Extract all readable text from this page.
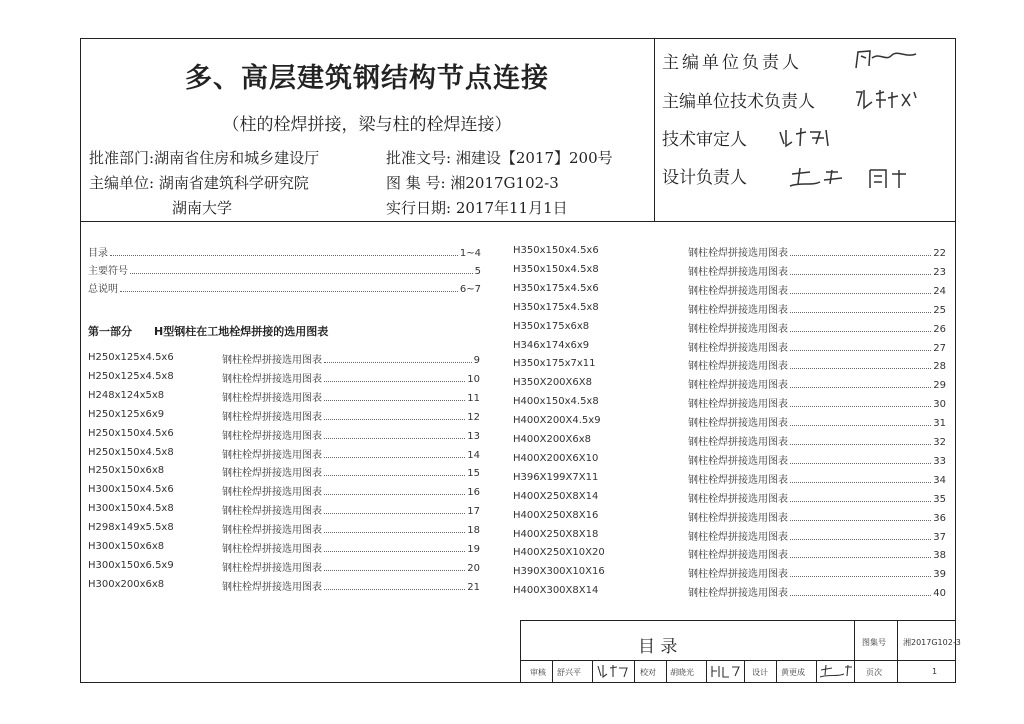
多、高层建筑钢结构节点连接
（柱的栓焊拼接，梁与柱的栓焊连接）
批准部门:湖南省住房和城乡建设厅
主编单位: 湖南省建筑科学研究院
湖南大学
批准文号: 湘建设【2017】200号
图 集 号: 湘2017G102-3
实行日期: 2017年11月1日
主编单位负责人
主编单位技术负责人
技术审定人
设计负责人
目录	1~4
主要符号	5
总说明	6~7
第一部分 H型钢柱在工地栓焊拼接的选用图表
H250x125x4.5x6	钢柱栓焊拼接选用图表	9
H250x125x4.5x8	钢柱栓焊拼接选用图表	10
H248x124x5x8	钢柱栓焊拼接选用图表	11
H250x125x6x9	钢柱栓焊拼接选用图表	12
H250x150x4.5x6	钢柱栓焊拼接选用图表	13
H250x150x4.5x8	钢柱栓焊拼接选用图表	14
H250x150x6x8	钢柱栓焊拼接选用图表	15
H300x150x4.5x6	钢柱栓焊拼接选用图表	16
H300x150x4.5x8	钢柱栓焊拼接选用图表	17
H298x149x5.5x8	钢柱栓焊拼接选用图表	18
H300x150x6x8	钢柱栓焊拼接选用图表	19
H300x150x6.5x9	钢柱栓焊拼接选用图表	20
H300x200x6x8	钢柱栓焊拼接选用图表	21
H350x150x4.5x6	钢柱栓焊拼接选用图表	22
H350x150x4.5x8	钢柱栓焊拼接选用图表	23
H350x175x4.5x6	钢柱栓焊拼接选用图表	24
H350x175x4.5x8	钢柱栓焊拼接选用图表	25
H350x175x6x8	钢柱栓焊拼接选用图表	26
H346x174x6x9	钢柱栓焊拼接选用图表	27
H350x175x7x11	钢柱栓焊拼接选用图表	28
H350X200X6X8	钢柱栓焊拼接选用图表	29
H400x150x4.5x8	钢柱栓焊拼接选用图表	30
H400X200X4.5x9	钢柱栓焊拼接选用图表	31
H400X200X6x8	钢柱栓焊拼接选用图表	32
H400X200X6X10	钢柱栓焊拼接选用图表	33
H396X199X7X11	钢柱栓焊拼接选用图表	34
H400X250X8X14	钢柱栓焊拼接选用图表	35
H400X250X8X16	钢柱栓焊拼接选用图表	36
H400X250X8X18	钢柱栓焊拼接选用图表	37
H400X250X10X20	钢柱栓焊拼接选用图表	38
H390X300X10X16	钢柱栓焊拼接选用图表	39
H400X300X8X14	钢柱栓焊拼接选用图表	40
目 录	图集号 湘2017G102-3
审核 舒兴平	校对 胡晓光	设计 黄更成	页次	1
